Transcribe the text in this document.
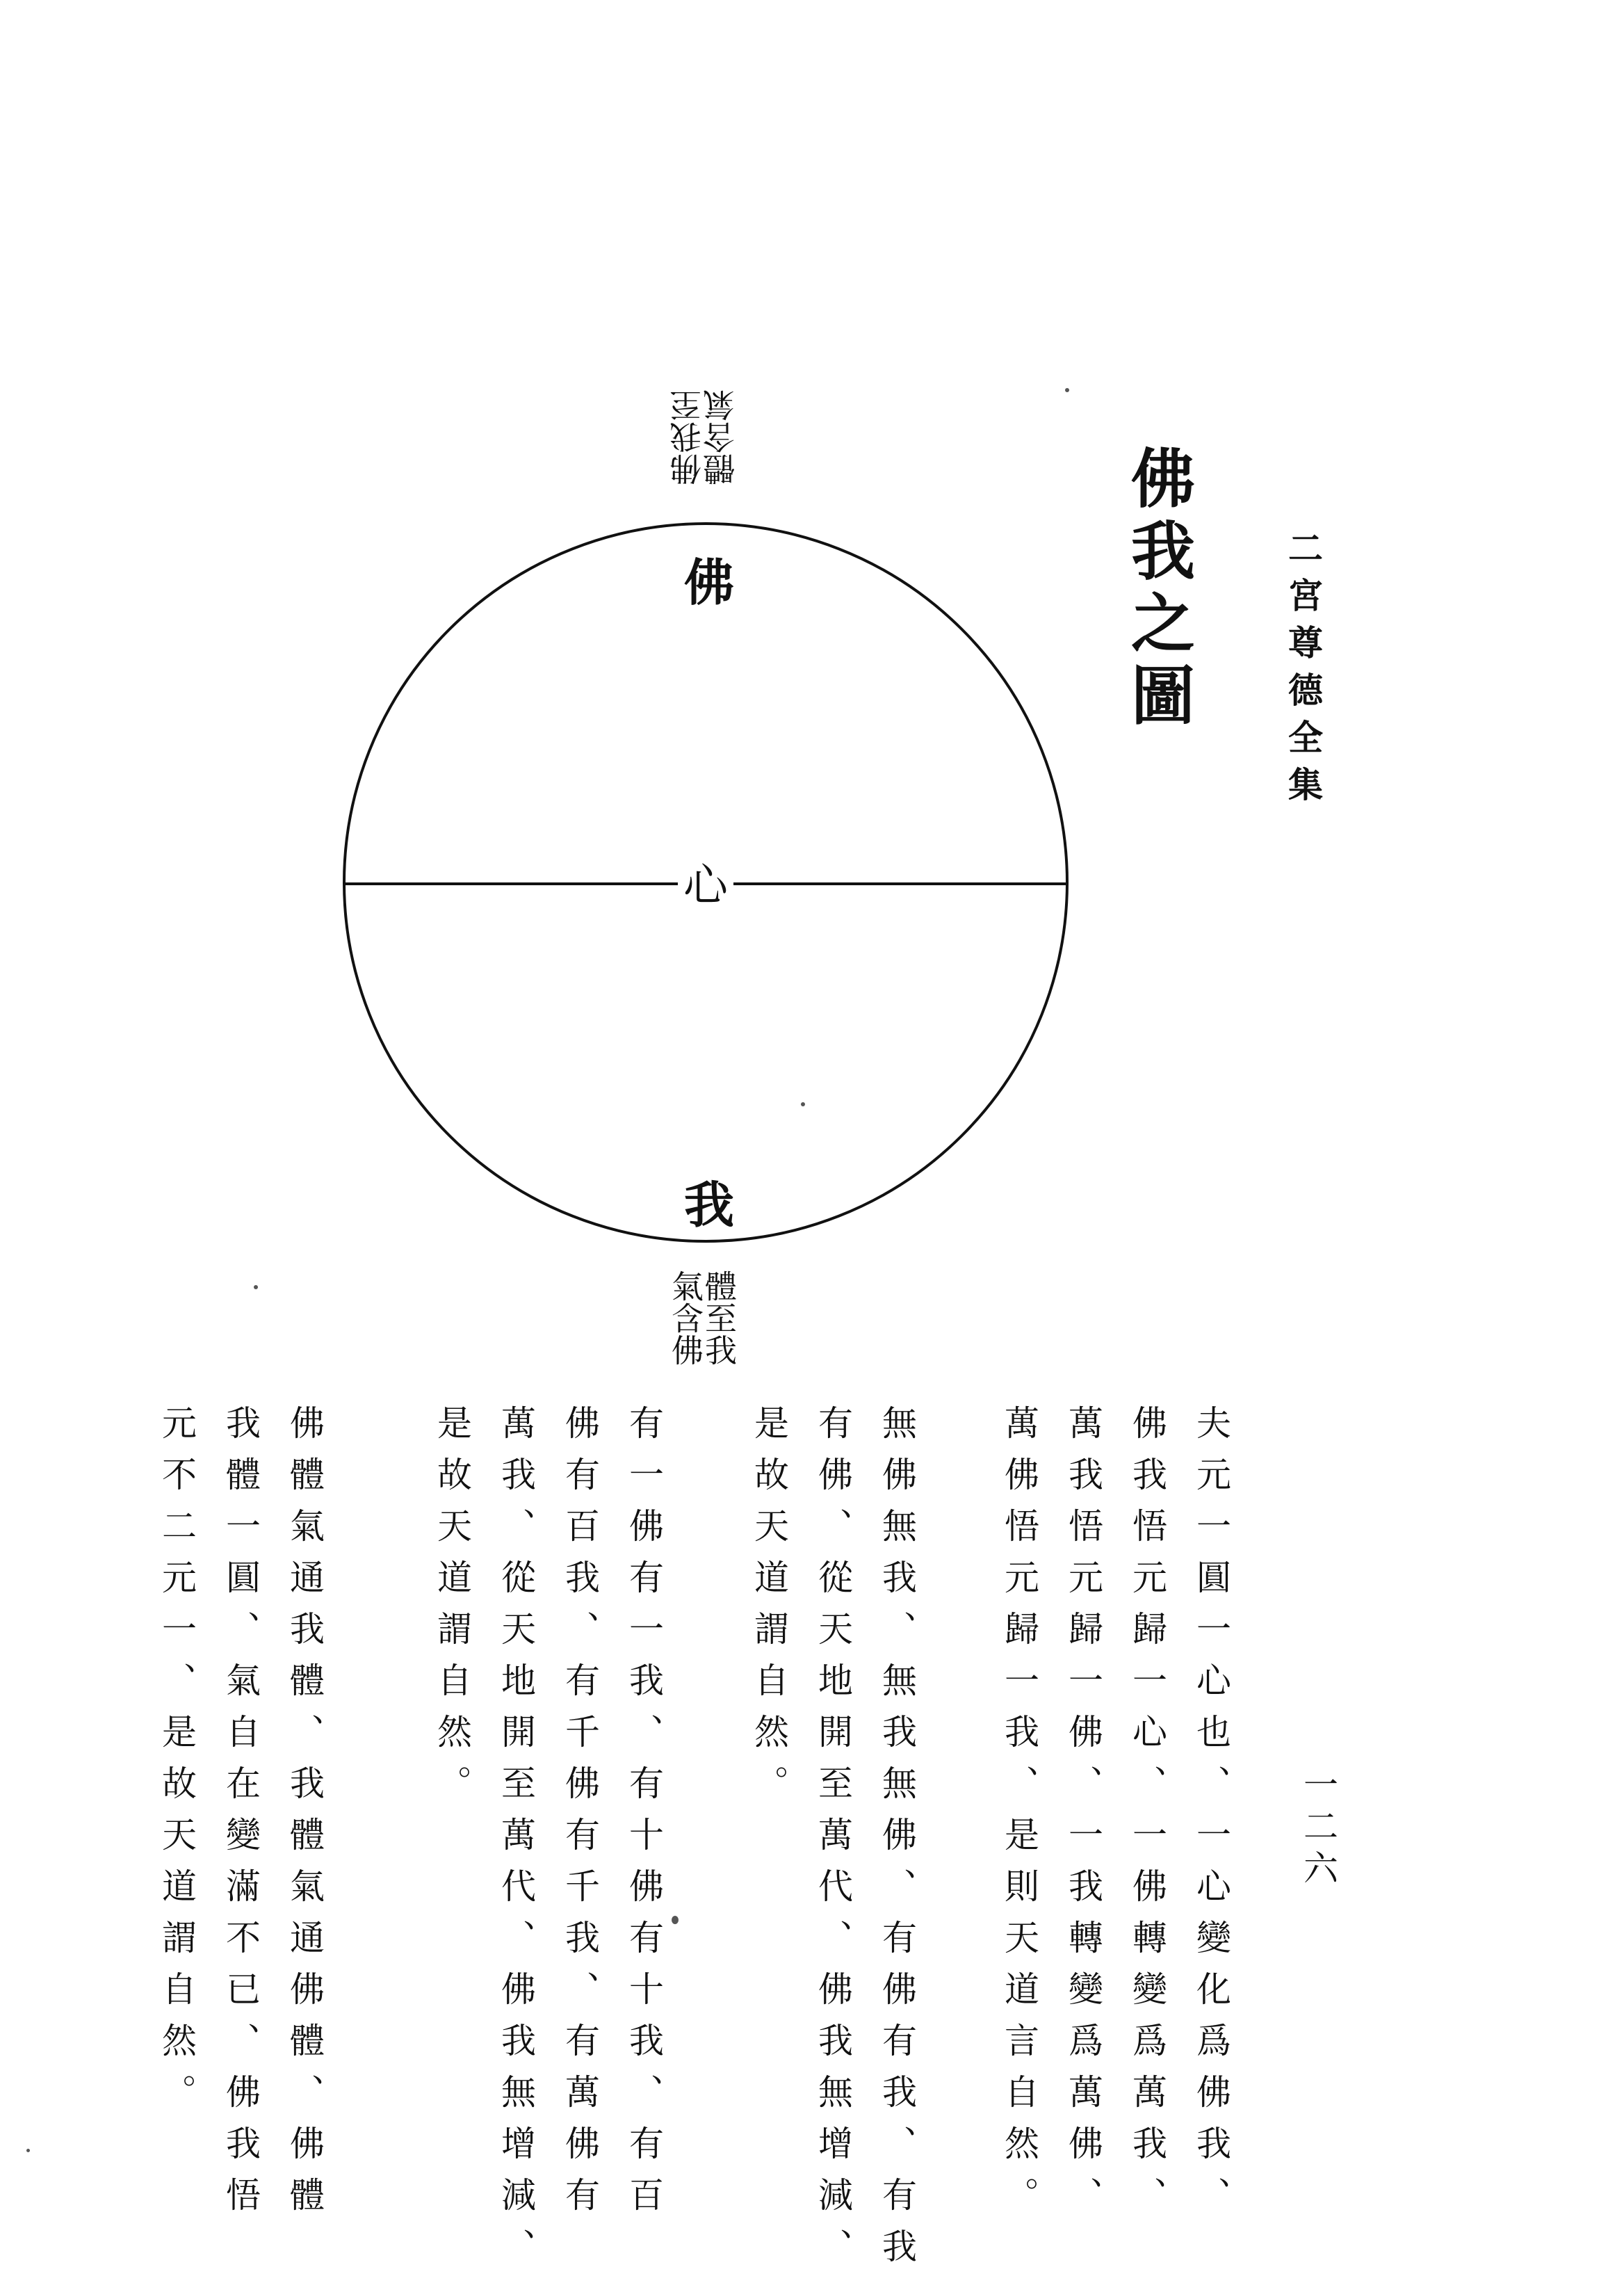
二宮尊德全集
一二六
佛我之圖
佛
心
我
佛我至
體含氣
體至我
氣含佛
夫元一圓一心也、一心變化爲佛我、
佛我悟元歸一心、一佛轉變爲萬我、
萬我悟元歸一佛、一我轉變爲萬佛、
萬佛悟元歸一我、是則天道言自然。
無佛無我、無我無佛、有佛有我、有我
有佛、從天地開至萬代、佛我無增減、
是故天道謂自然。
有一佛有一我、有十佛有十我、有百
佛有百我、有千佛有千我、有萬佛有
萬我、從天地開至萬代、佛我無增減、
是故天道謂自然。
佛體氣通我體、我體氣通佛體、佛體
我體一圓、氣自在變滿不已、佛我悟
元不二元一、是故天道謂自然。
